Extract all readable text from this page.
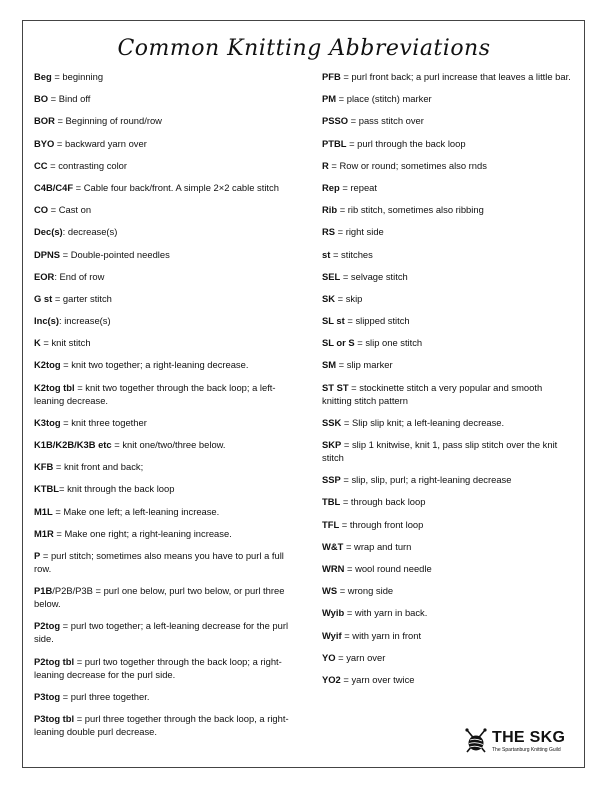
Common Knitting Abbreviations
Beg = beginning
BO = Bind off
BOR = Beginning of round/row
BYO = backward yarn over
CC = contrasting color
C4B/C4F = Cable four back/front. A simple 2×2 cable stitch
CO = Cast on
Dec(s): decrease(s)
DPNS = Double-pointed needles
EOR: End of row
G st = garter stitch
Inc(s): increase(s)
K = knit stitch
K2tog = knit two together; a right-leaning decrease.
K2tog tbl = knit two together through the back loop; a left-leaning decrease.
K3tog = knit three together
K1B/K2B/K3B etc = knit one/two/three below.
KFB = knit front and back;
KTBL= knit through the back loop
M1L = Make one left; a left-leaning increase.
M1R = Make one right; a right-leaning increase.
P = purl stitch; sometimes also means you have to purl a full row.
P1B/P2B/P3B = purl one below, purl two below, or purl three below.
P2tog = purl two together; a left-leaning decrease for the purl side.
P2tog tbl = purl two together through the back loop; a right-leaning decrease for the purl side.
P3tog = purl three together.
P3tog tbl = purl three together through the back loop, a right-leaning double purl decrease.
PFB = purl front back; a purl increase that leaves a little bar.
PM = place (stitch) marker
PSSO = pass stitch over
PTBL = purl through the back loop
R = Row or round; sometimes also rnds
Rep = repeat
Rib = rib stitch, sometimes also ribbing
RS = right side
st = stitches
SEL = selvage stitch
SK = skip
SL st = slipped stitch
SL or S = slip one stitch
SM = slip marker
ST ST = stockinette stitch a very popular and smooth knitting stitch pattern
SSK = Slip slip knit; a left-leaning decrease.
SKP = slip 1 knitwise, knit 1, pass slip stitch over the knit stitch
SSP = slip, slip, purl; a right-leaning decrease
TBL = through back loop
TFL = through front loop
W&T = wrap and turn
WRN = wool round needle
WS = wrong side
Wyib = with yarn in back.
Wyif = with yarn in front
YO = yarn over
YO2 = yarn over twice
THE SKG
The Spartanburg Knitting Guild
